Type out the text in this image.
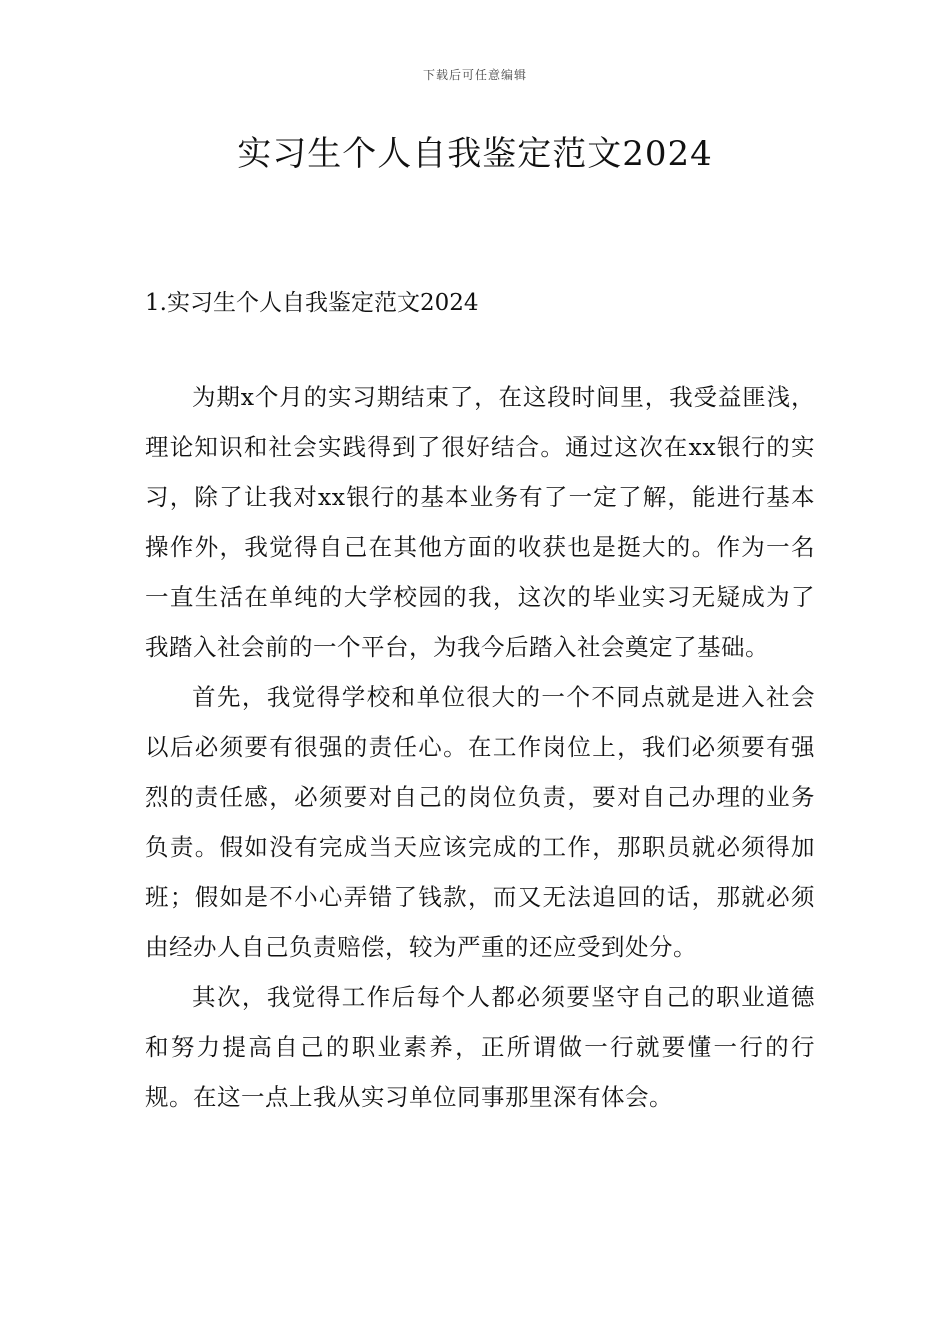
下载后可任意编辑
实习生个人自我鉴定范文2024
1.实习生个人自我鉴定范文2024

为期x个月的实习期结束了，在这段时间里，我受益匪浅，理论知识和社会实践得到了很好结合。通过这次在xx银行的实习，除了让我对xx银行的基本业务有了一定了解，能进行基本操作外，我觉得自己在其他方面的收获也是挺大的。作为一名一直生活在单纯的大学校园的我，这次的毕业实习无疑成为了我踏入社会前的一个平台，为我今后踏入社会奠定了基础。

首先，我觉得学校和单位很大的一个不同点就是进入社会以后必须要有很强的责任心。在工作岗位上，我们必须要有强烈的责任感，必须要对自己的岗位负责，要对自己办理的业务负责。假如没有完成当天应该完成的工作，那职员就必须得加班；假如是不小心弄错了钱款，而又无法追回的话，那就必须由经办人自己负责赔偿，较为严重的还应受到处分。

其次，我觉得工作后每个人都必须要坚守自己的职业道德和努力提高自己的职业素养，正所谓做一行就要懂一行的行规。在这一点上我从实习单位同事那里深有体会。
